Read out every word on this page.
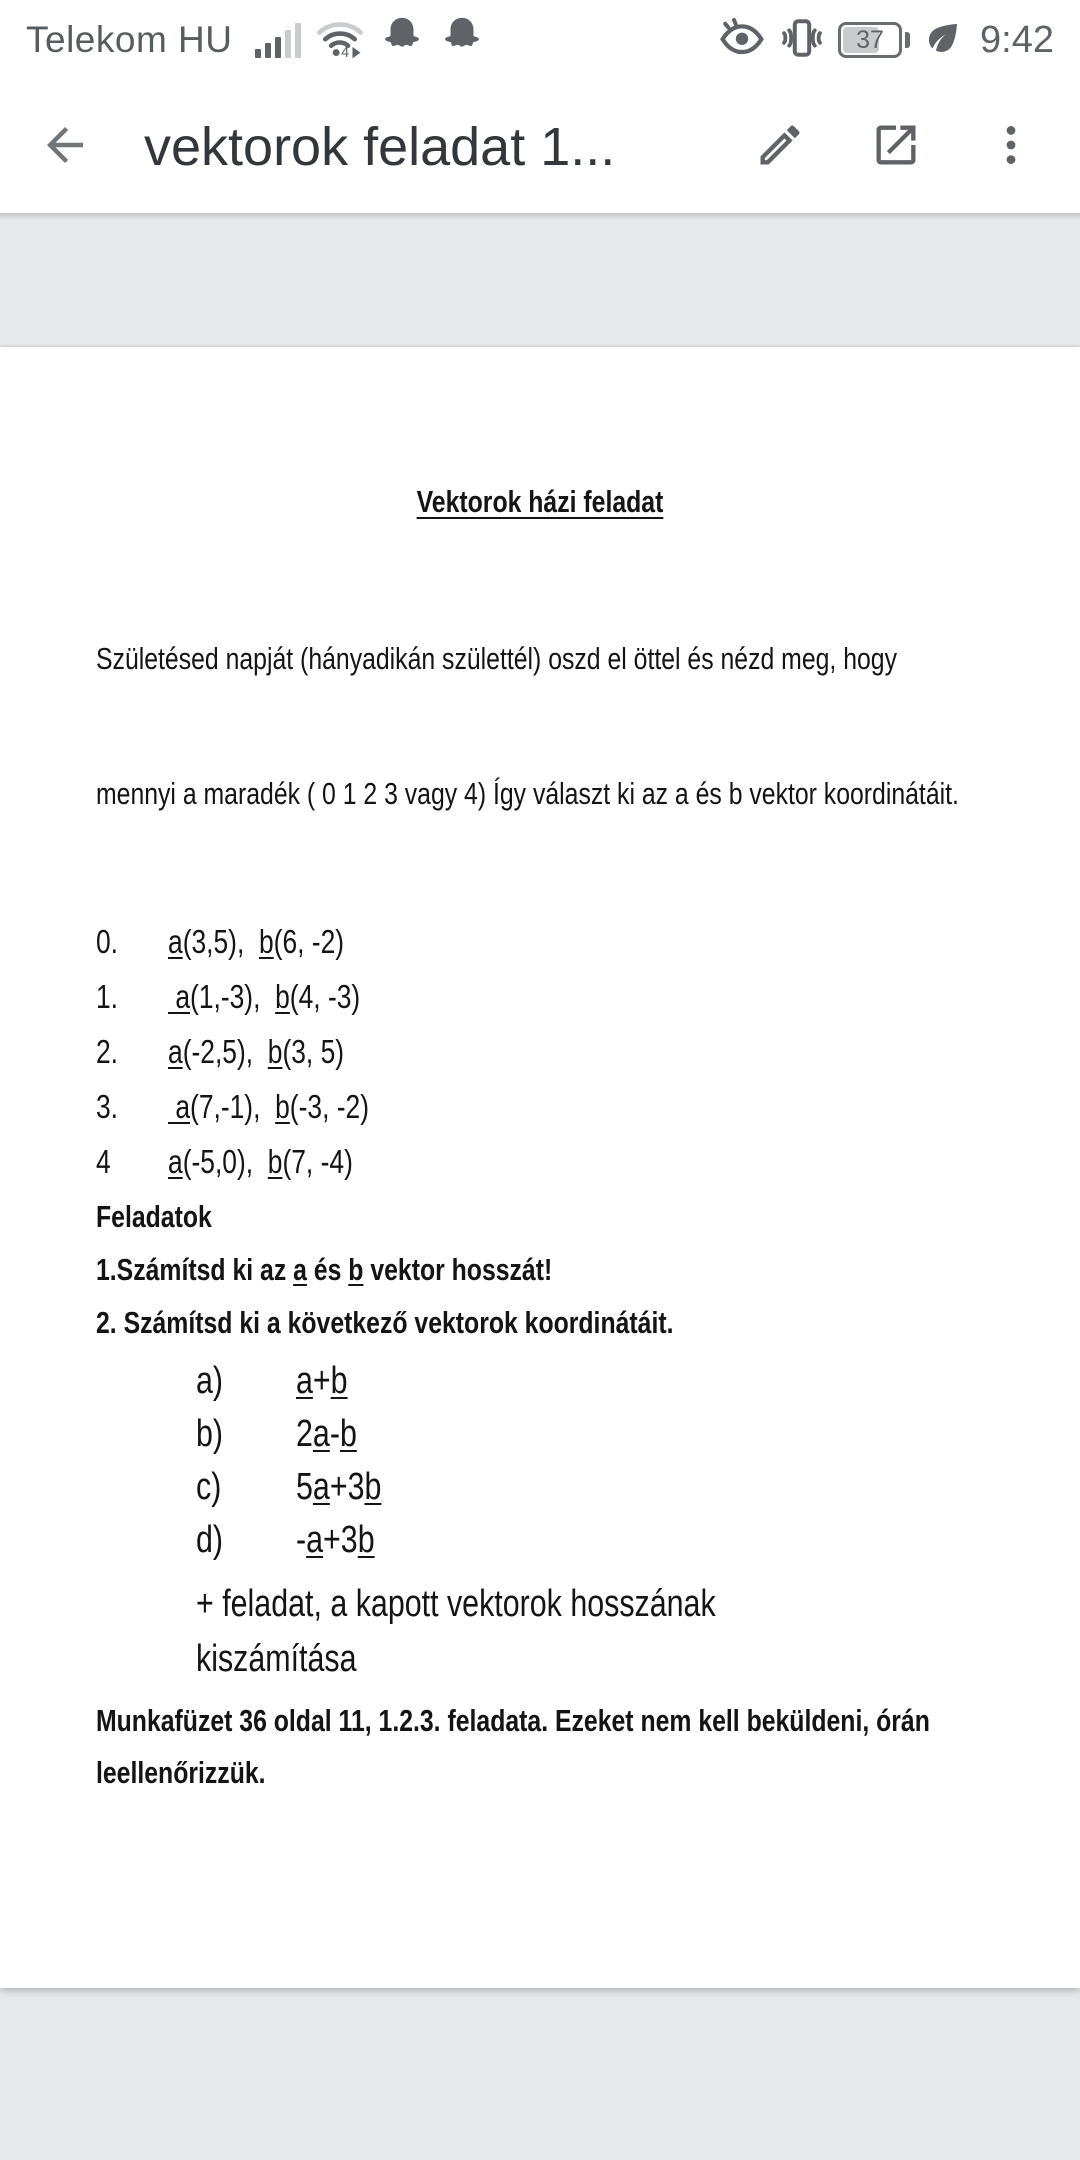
Telekom HU	4	37	9:42
vektorok feladat 1...
Vektorok házi feladat

Születésed napját (hányadikán születtél) oszd el öttel és nézd meg, hogy

mennyi a maradék ( 0 1 2 3 vagy 4) Így választ ki az a és b vektor koordinátáit.

0. a(3,5),  b(6, -2)
1. a(1,-3),  b(4, -3)
2. a(-2,5),  b(3, 5)
3. a(7,-1),  b(-3, -2)
4 a(-5,0),  b(7, -4)
Feladatok
1.Számítsd ki az a és b vektor hosszát!
2. Számítsd ki a következő vektorok koordinátáit.
a) a+b
b) 2a-b
c) 5a+3b
d) -a+3b
+ feladat, a kapott vektorok hosszának
kiszámítása
Munkafüzet 36 oldal 11, 1.2.3. feladata. Ezeket nem kell beküldeni, órán
leellenőrizzük.
